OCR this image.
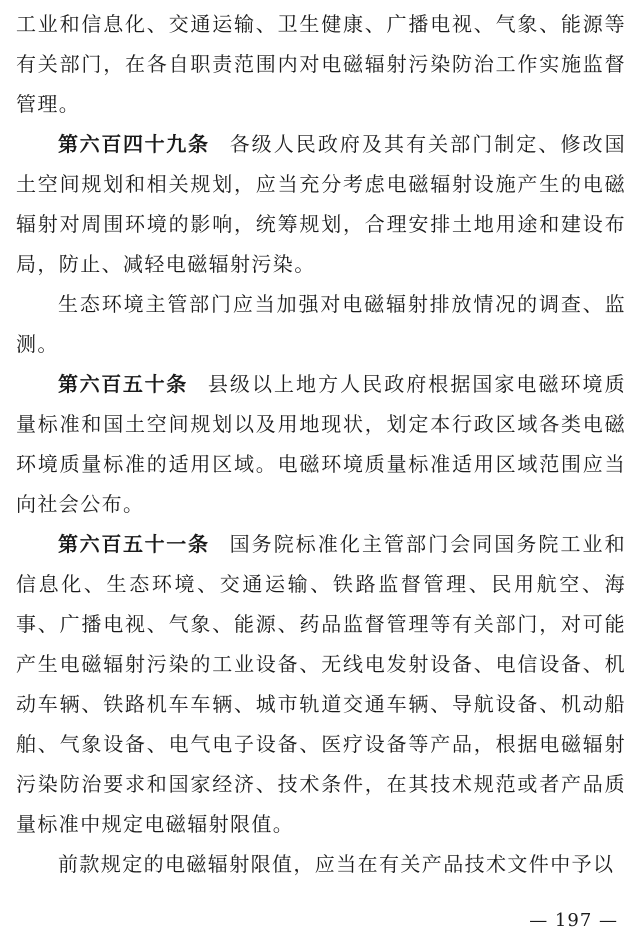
工业和信息化、交通运输、卫生健康、广播电视、气象、能源等有关部门，在各自职责范围内对电磁辐射污染防治工作实施监督管理。

第六百四十九条 各级人民政府及其有关部门制定、修改国土空间规划和相关规划，应当充分考虑电磁辐射设施产生的电磁辐射对周围环境的影响，统筹规划，合理安排土地用途和建设布局，防止、减轻电磁辐射污染。

生态环境主管部门应当加强对电磁辐射排放情况的调查、监测。

第六百五十条 县级以上地方人民政府根据国家电磁环境质量标准和国土空间规划以及用地现状，划定本行政区域各类电磁环境质量标准的适用区域。电磁环境质量标准适用区域范围应当向社会公布。

第六百五十一条 国务院标准化主管部门会同国务院工业和信息化、生态环境、交通运输、铁路监督管理、民用航空、海事、广播电视、气象、能源、药品监督管理等有关部门，对可能产生电磁辐射污染的工业设备、无线电发射设备、电信设备、机动车辆、铁路机车车辆、城市轨道交通车辆、导航设备、机动船舶、气象设备、电气电子设备、医疗设备等产品，根据电磁辐射污染防治要求和国家经济、技术条件，在其技术规范或者产品质量标准中规定电磁辐射限值。

前款规定的电磁辐射限值，应当在有关产品技术文件中予以

— 197 —
